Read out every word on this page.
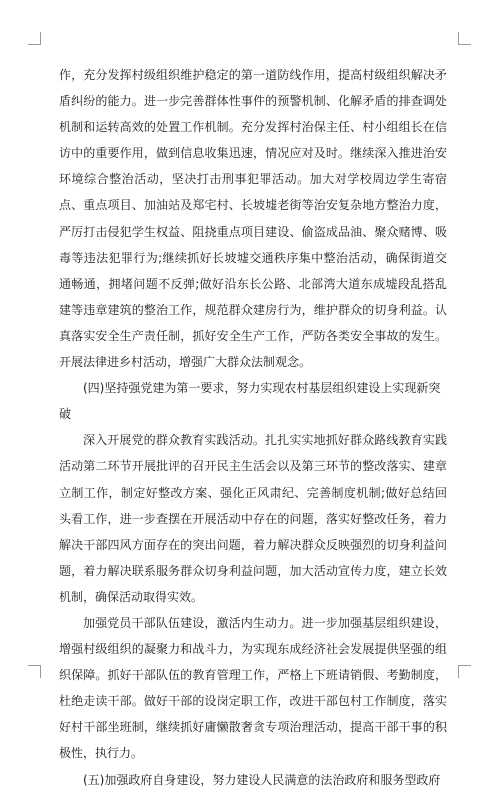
作，充分发挥村级组织维护稳定的第一道防线作用，提高村级组织解决矛盾纠纷的能力。进一步完善群体性事件的预警机制、化解矛盾的排查调处机制和运转高效的处置工作机制。充分发挥村治保主任、村小组组长在信访中的重要作用，做到信息收集迅速，情况应对及时。继续深入推进治安环境综合整治活动，坚决打击刑事犯罪活动。加大对学校周边学生寄宿点、重点项目、加油站及郑宅村、长坡墟老街等治安复杂地方整治力度，严厉打击侵犯学生权益、阻挠重点项目建设、偷盗成品油、聚众赌博、吸毒等违法犯罪行为;继续抓好长坡墟交通秩序集中整治活动，确保街道交通畅通，拥堵问题不反弹;做好沿东长公路、北部湾大道东成墟段乱搭乱建等违章建筑的整治工作，规范群众建房行为，维护群众的切身利益。认真落实安全生产责任制，抓好安全生产工作，严防各类安全事故的发生。开展法律进乡村活动，增强广大群众法制观念。

(四)坚持强党建为第一要求，努力实现农村基层组织建设上实现新突破

深入开展党的群众教育实践活动。扎扎实实地抓好群众路线教育实践活动第二环节开展批评的召开民主生活会以及第三环节的整改落实、建章立制工作，制定好整改方案、强化正风肃纪、完善制度机制;做好总结回头看工作，进一步查摆在开展活动中存在的问题，落实好整改任务，着力解决干部四风方面存在的突出问题，着力解决群众反映强烈的切身利益问题，着力解决联系服务群众切身利益问题，加大活动宣传力度，建立长效机制，确保活动取得实效。

加强党员干部队伍建设，激活内生动力。进一步加强基层组织建设，增强村级组织的凝聚力和战斗力，为实现东成经济社会发展提供坚强的组织保障。抓好干部队伍的教育管理工作，严格上下班请销假、考勤制度，杜绝走读干部。做好干部的设岗定职工作，改进干部包村工作制度，落实好村干部坐班制，继续抓好庸懒散奢贪专项治理活动，提高干部干事的积极性，执行力。

(五)加强政府自身建设，努力建设人民满意的法治政府和服务型政府
